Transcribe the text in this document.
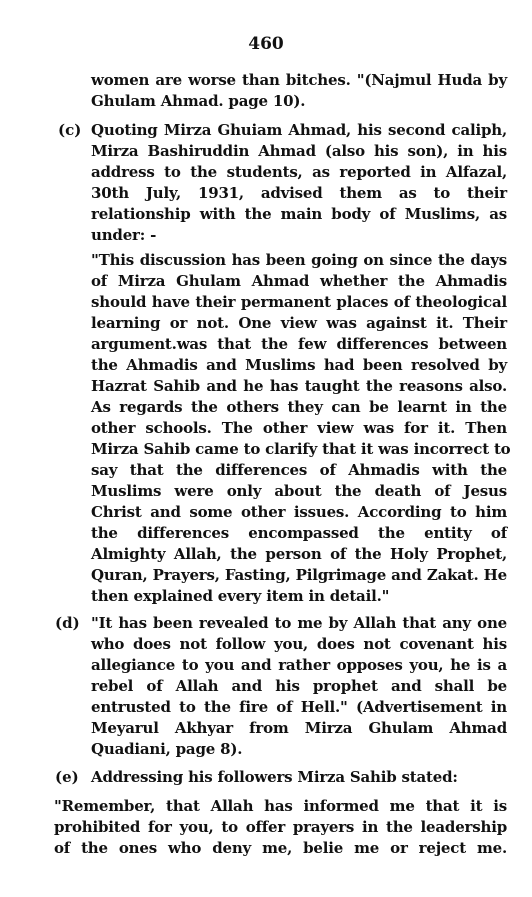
460
women are worse than bitches. "(Najmul Huda by
Ghulam Ahmad. page 10).
(c) Quoting Mirza Ghuiam Ahmad, his second caliph,
Mirza Bashiruddin Ahmad (also his son), in his
address to the students, as reported in Alfazal,
30th July, 1931, advised them as to their
relationship with the main body of Muslims, as
under: -
"This discussion has been going on since the days
of Mirza Ghulam Ahmad whether the Ahmadis
should have their permanent places of theological
learning or not. One view was against it. Their
argument.was that the few differences between
the Ahmadis and Muslims had been resolved by
Hazrat Sahib and he has taught the reasons also.
As regards the others they can be learnt in the
other schools. The other view was for it. Then
Mirza Sahib came to clarify that it was incorrect to
say that the differences of Ahmadis with the
Muslims were only about the death of Jesus
Christ and some other issues. According to him
the differences encompassed the entity of
Almighty Allah, the person of the Holy Prophet,
Quran, Prayers, Fasting, Pilgrimage and Zakat. He
then explained every item in detail."
(d) "It has been revealed to me by Allah that any one
who does not follow you, does not covenant his
allegiance to you and rather opposes you, he is a
rebel of Allah and his prophet and shall be
entrusted to the fire of Hell." (Advertisement in
Meyarul Akhyar from Mirza Ghulam Ahmad
Quadiani, page 8).
(e) Addressing his followers Mirza Sahib stated:
"Remember, that Allah has informed me that it is
prohibited for you, to offer prayers in the leadership
of the ones who deny me, belie me or reject me.
